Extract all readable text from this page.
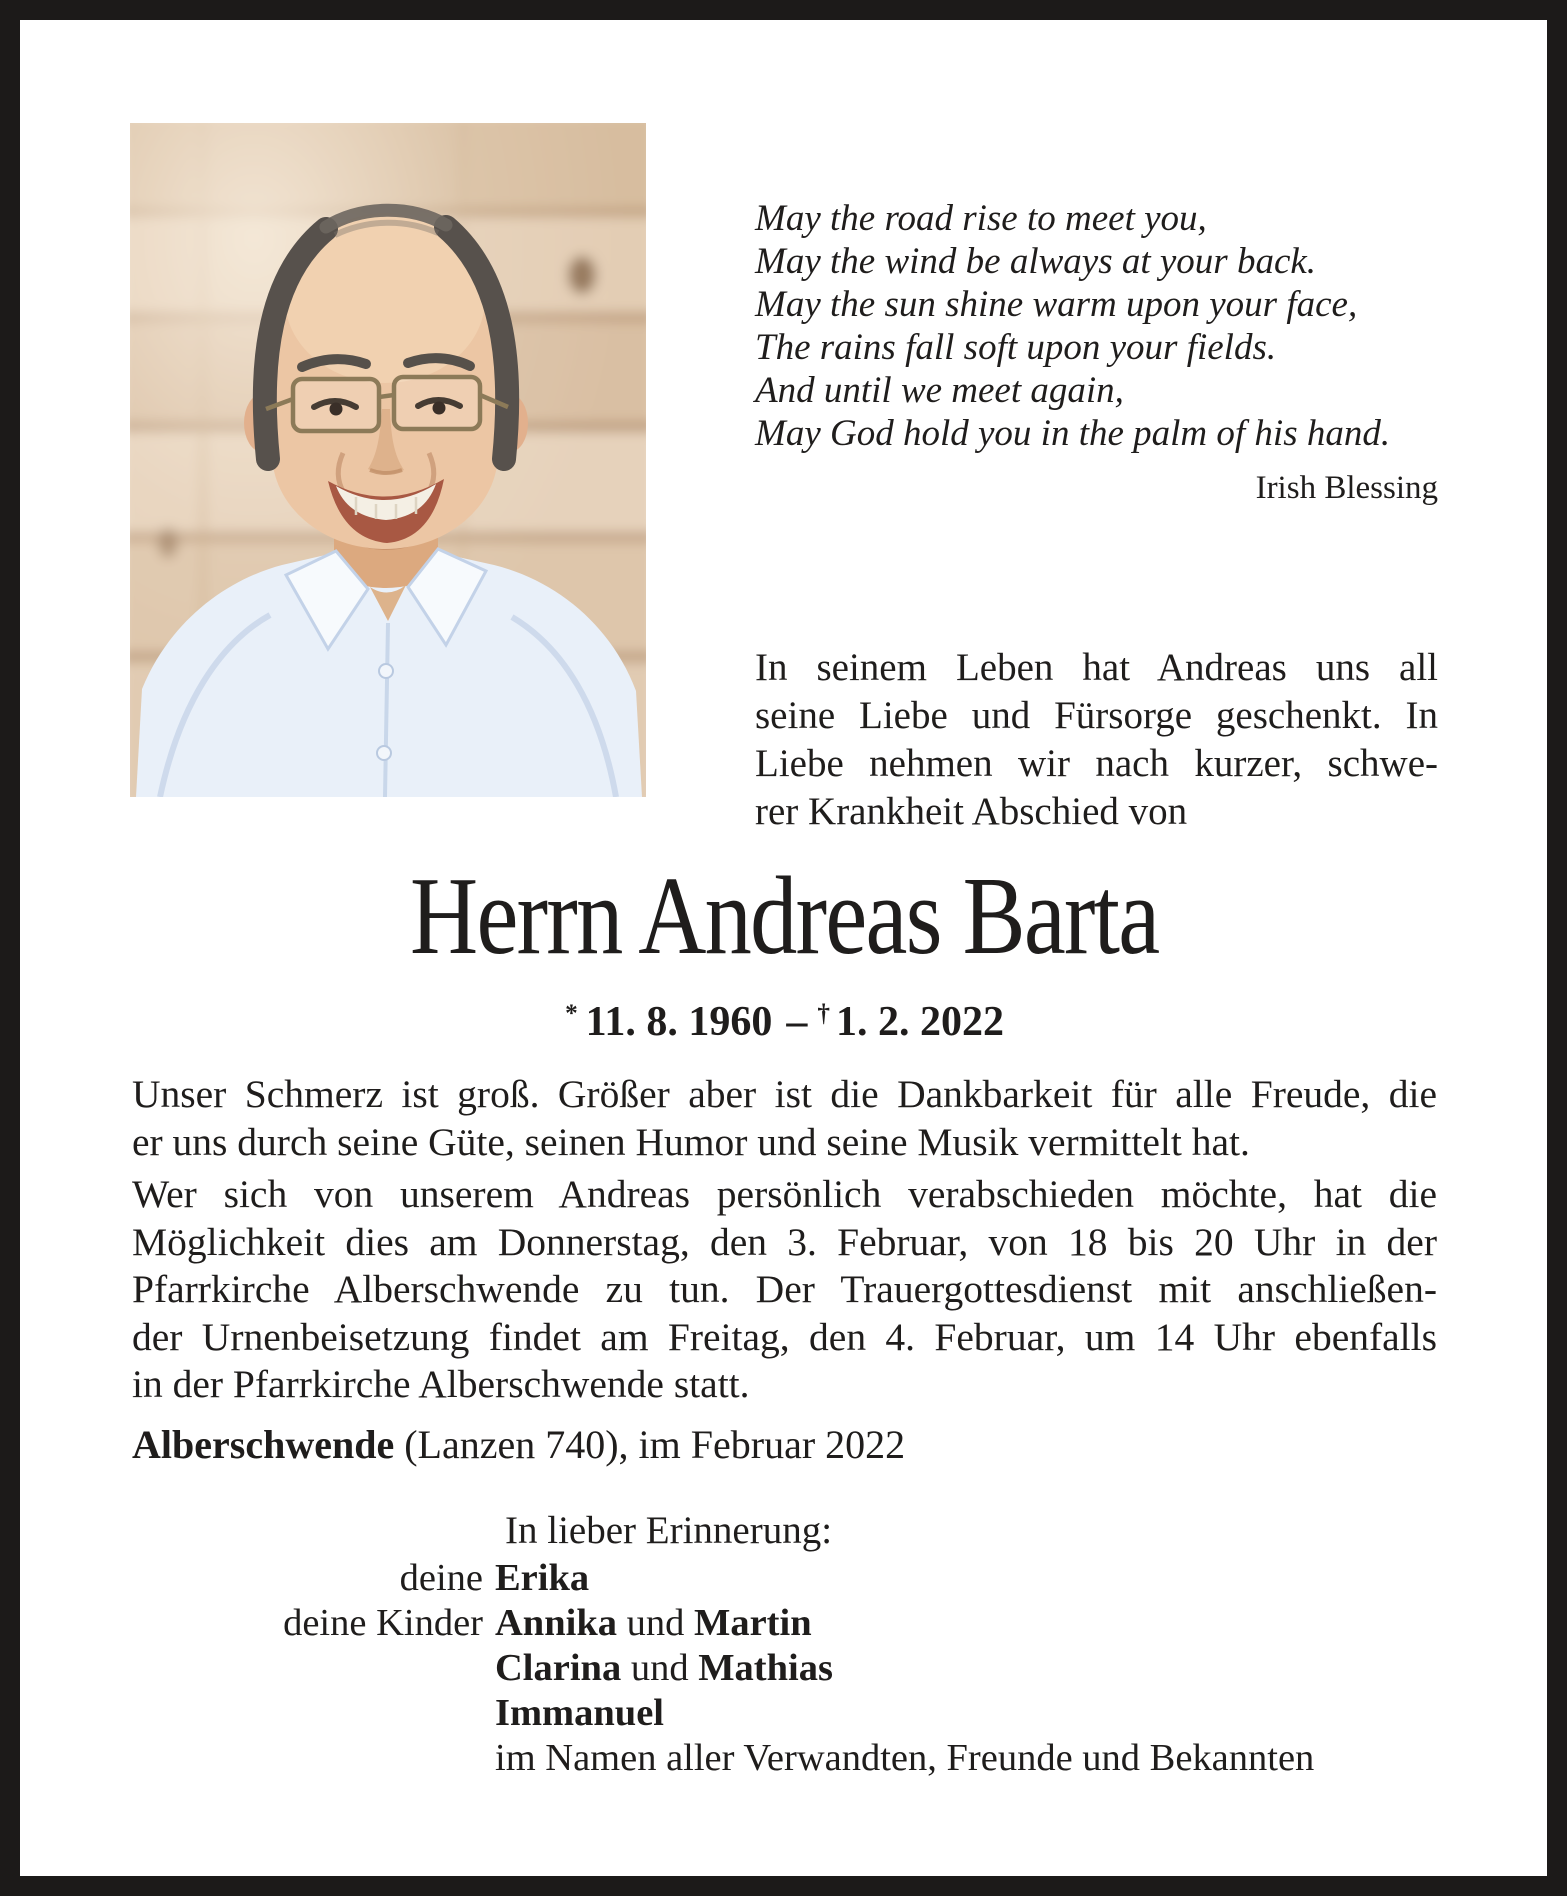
May the road rise to meet you,
May the wind be always at your back.
May the sun shine warm upon your face,
The rains fall soft upon your fields.
And until we meet again,
May God hold you in the palm of his hand.
Irish Blessing
In seinem Leben hat Andreas uns all
seine Liebe und Fürsorge geschenkt. In
Liebe nehmen wir nach kurzer, schwe-
rer Krankheit Abschied von
Herrn Andreas Barta
* 11. 8. 1960 – † 1. 2. 2022
Unser Schmerz ist groß. Größer aber ist die Dankbarkeit für alle Freude, die
er uns durch seine Güte, seinen Humor und seine Musik vermittelt hat.
Wer sich von unserem Andreas persönlich verabschieden möchte, hat die
Möglichkeit dies am Donnerstag, den 3. Februar, von 18 bis 20 Uhr in der
Pfarrkirche Alberschwende zu tun. Der Trauergottesdienst mit anschließen-
der Urnenbeisetzung findet am Freitag, den 4. Februar, um 14 Uhr ebenfalls
in der Pfarrkirche Alberschwende statt.
Alberschwende (Lanzen 740), im Februar 2022
In lieber Erinnerung:
deine Erika
deine Kinder Annika und Martin
Clarina und Mathias
Immanuel
im Namen aller Verwandten, Freunde und Bekannten
